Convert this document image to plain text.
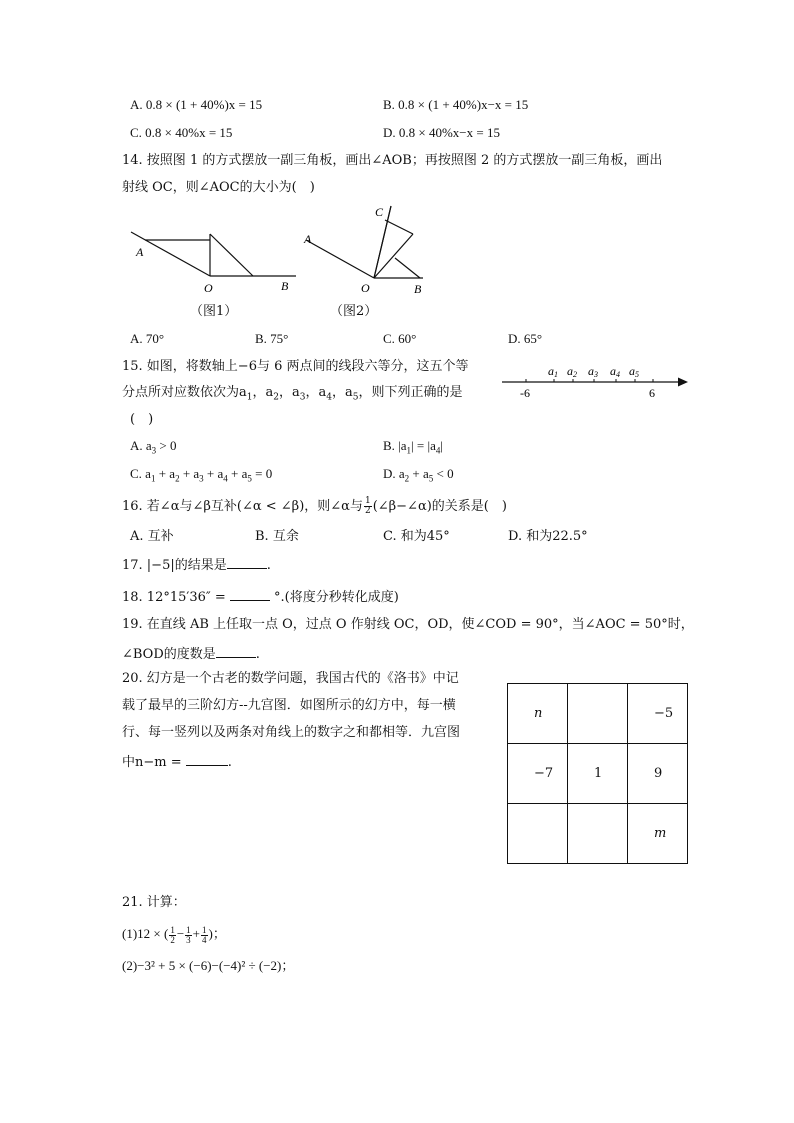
A. 0.8 × (1 + 40%)x = 15	B. 0.8 × (1 + 40%)x−x = 15
C. 0.8 × 40%x = 15	D. 0.8 × 40%x−x = 15
14. 按照图 1 的方式摆放一副三角板，画出∠AOB；再按照图 2 的方式摆放一副三角板，画出
射线 OC，则∠AOC的大小为(　)
A
O	B
A
C
O	B
（图1）	（图2）
A. 70°	B. 75°	C. 60°	D. 65°
15. 如图，将数轴上−6与 6 两点间的线段六等分，这五个等
分点所对应数依次为$a_1$，$a_2$，$a_3$，$a_4$，$a_5$，则下列正确的是
(　)
-6	6
a1 a2 a3 a4 a5
A. $a_3 > 0$	B. $|a_1| = |a_4|$
C. $a_1 + a_2 + a_3 + a_4 + a_5 = 0$	D. $a_2 + a_5 < 0$
16. 若∠α与∠β互补(∠α < ∠β)，则∠α与 $\frac{1}{2}$ (∠β−∠α)的关系是(　)
A. 互补	B. 互余	C. 和为45°	D. 和为22.5°
17. |−5|的结果是	.
18. 12°15′36″ =	°.(将度分秒转化成度)
19. 在直线 AB 上任取一点 O，过点 O 作射线 OC，OD，使∠COD = 90°，当∠AOC = 50°时，
∠BOD的度数是	.
20. 幻方是一个古老的数学问题，我国古代的《洛书》中记
载了最早的三阶幻方--九宫图．如图所示的幻方中，每一横
行、每一竖列以及两条对角线上的数字之和都相等．九宫图
中n−m =	.
n		−5
−7	1	9
		m
21. 计算：
(1)12 × ( $\frac{1}{2} - \frac{1}{3} + \frac{1}{4}$ )；
(2)−3² + 5 × (−6)−(−4)² ÷ (−2)；
